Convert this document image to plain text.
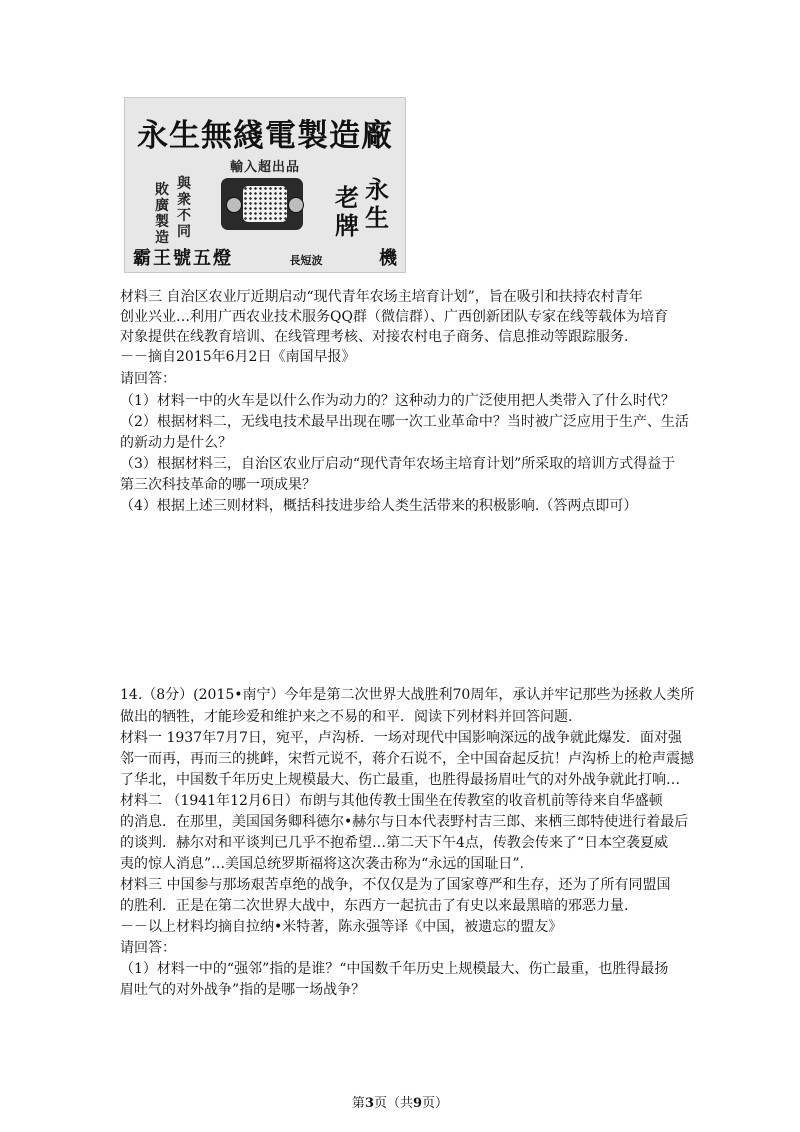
永生無綫電製造廠
輸入超出品
敗
廣
製
造
與
衆
不
同
老
牌
永
生
霸王號五燈	長短波	機
材料三 自治区农业厅近期启动“现代青年农场主培育计划”，旨在吸引和扶持农村青年
创业兴业…利用广西农业技术服务QQ群（微信群）、广西创新团队专家在线等载体为培育
对象提供在线教育培训、在线管理考核、对接农村电子商务、信息推动等跟踪服务.
－－摘自2015年6月2日《南国早报》
请回答：
（1）材料一中的火车是以什么作为动力的？这种动力的广泛使用把人类带入了什么时代？
（2）根据材料二，无线电技术最早出现在哪一次工业革命中？当时被广泛应用于生产、生活
的新动力是什么？
（3）根据材料三，自治区农业厅启动“现代青年农场主培育计划”所采取的培训方式得益于
第三次科技革命的哪一项成果？
（4）根据上述三则材料，概括科技进步给人类生活带来的积极影响.（答两点即可）
14.（8分）(2015•南宁）今年是第二次世界大战胜利70周年，承认并牢记那些为拯救人类所
做出的牺牲，才能珍爱和维护来之不易的和平．阅读下列材料并回答问题.
材料一 1937年7月7日，宛平，卢沟桥．一场对现代中国影响深远的战争就此爆发．面对强
邻一而再，再而三的挑衅，宋哲元说不，蒋介石说不，全中国奋起反抗！卢沟桥上的枪声震撼
了华北，中国数千年历史上规模最大、伤亡最重，也胜得最扬眉吐气的对外战争就此打响…
材料二 （1941年12月6日）布朗与其他传教士围坐在传教室的收音机前等待来自华盛顿
的消息．在那里，美国国务卿科德尔•赫尔与日本代表野村吉三郎、来栖三郎特使进行着最后
的谈判．赫尔对和平谈判已几乎不抱希望…第二天下午4点，传教会传来了“日本空袭夏威
夷的惊人消息”…美国总统罗斯福将这次袭击称为“永远的国耻日”.
材料三 中国参与那场艰苦卓绝的战争，不仅仅是为了国家尊严和生存，还为了所有同盟国
的胜利．正是在第二次世界大战中，东西方一起抗击了有史以来最黑暗的邪恶力量.
－－以上材料均摘自拉纳•米特著，陈永强等译《中国，被遗忘的盟友》
请回答：
（1）材料一中的“强邻”指的是谁？“中国数千年历史上规模最大、伤亡最重，也胜得最扬
眉吐气的对外战争”指的是哪一场战争？
第3页（共9页）
